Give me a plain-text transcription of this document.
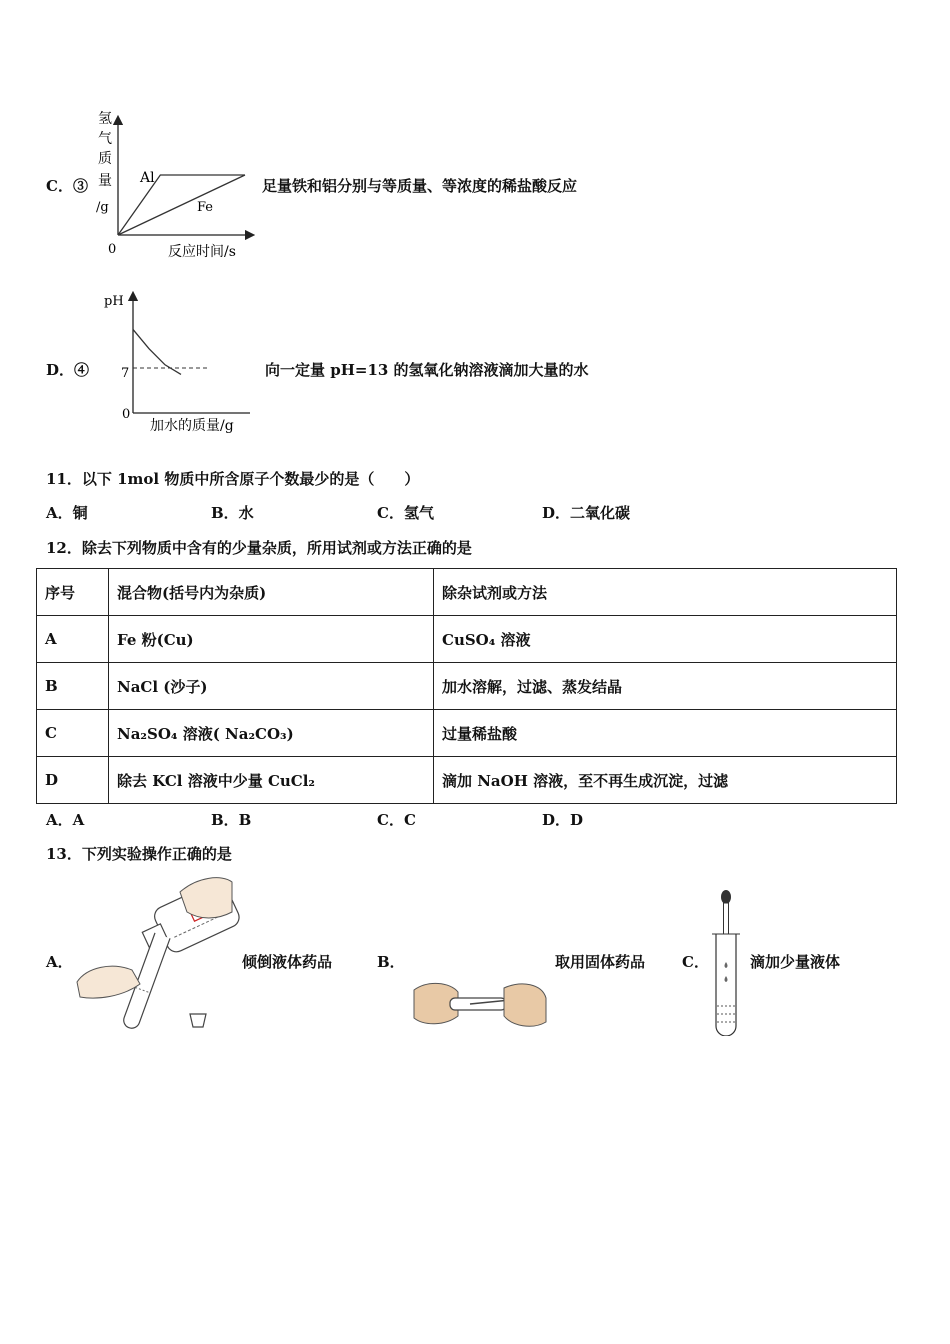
C．③
氢
气
质
量
/g
0
Al
Fe
反应时间/s
足量铁和铝分别与等质量、等浓度的稀盐酸反应
D．④
pH
7
0
加水的质量/g
向一定量 pH=13 的氢氧化钠溶液滴加大量的水
11．以下 1mol 物质中所含原子个数最少的是（　　）
A．铜	B．水	C．氢气	D．二氧化碳
12．除去下列物质中含有的少量杂质，所用试剂或方法正确的是
序号	混合物(括号内为杂质)	除杂试剂或方法
A	Fe 粉(Cu)	CuSO₄ 溶液
B	NaCl (沙子)	加水溶解，过滤、蒸发结晶
C	Na₂SO₄ 溶液( Na₂CO₃)	过量稀盐酸
D	除去 KCl 溶液中少量 CuCl₂	滴加 NaOH 溶液，至不再生成沉淀，过滤
A．A	B．B	C．C	D．D
13．下列实验操作正确的是
A．	倾倒液体药品	B．	取用固体药品 C．	滴加少量液体
